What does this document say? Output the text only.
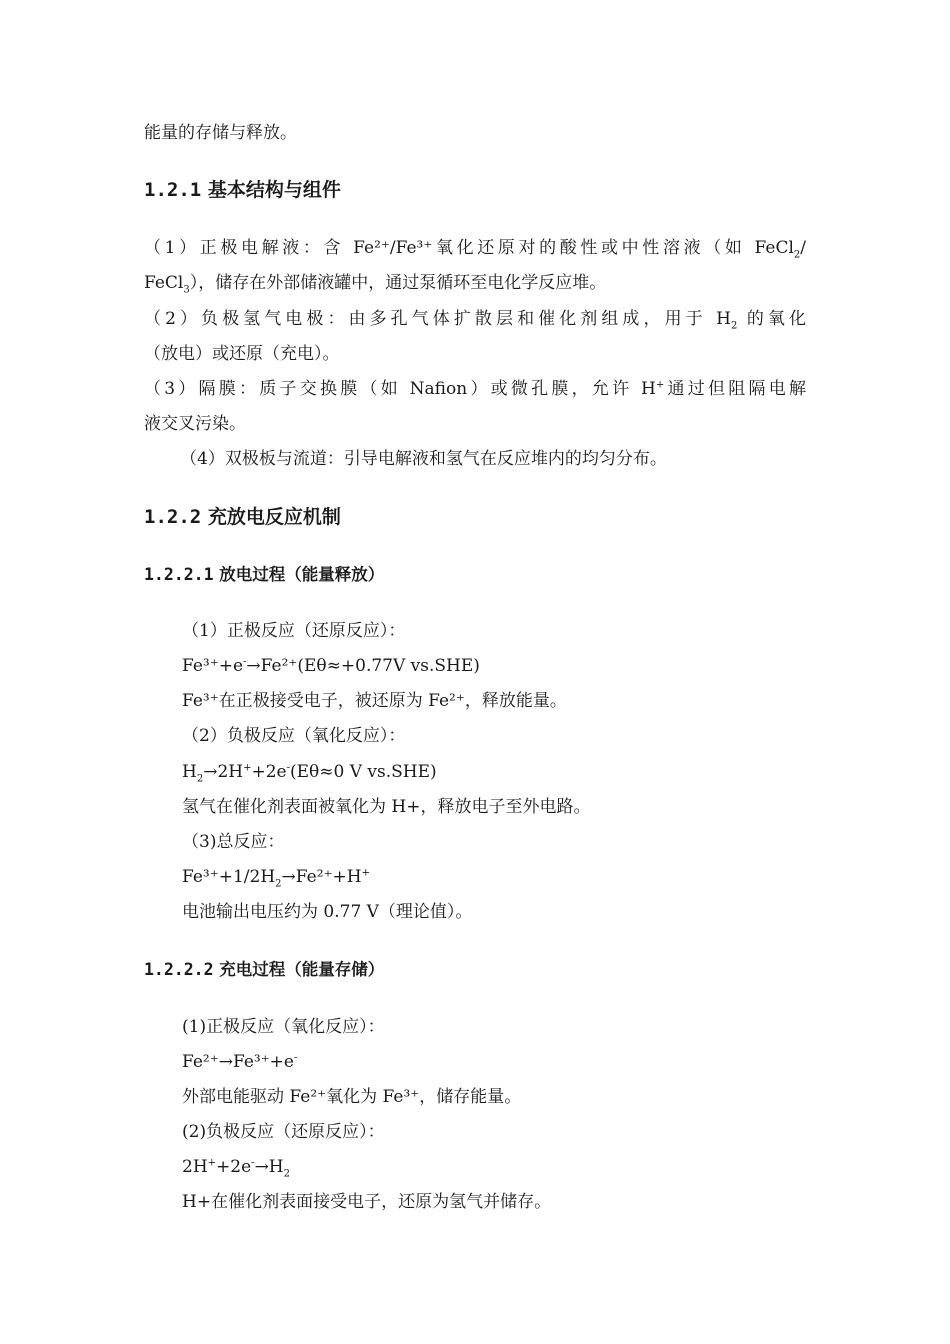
能量的存储与释放。
1.2.1 基本结构与组件
（1）正极电解液：含 Fe²⁺/Fe³⁺氧化还原对的酸性或中性溶液（如 FeCl$_2$/
FeCl$_3$），储存在外部储液罐中，通过泵循环至电化学反应堆。
（2）负极氢气电极：由多孔气体扩散层和催化剂组成，用于 $H_2$ 的氧化
（放电）或还原（充电）。
（3）隔膜：质子交换膜（如 Nafion）或微孔膜，允许 H+通过但阻隔电解
液交叉污染。
（4）双极板与流道：引导电解液和氢气在反应堆内的均匀分布。
1.2.2 充放电反应机制
1.2.2.1 放电过程（能量释放）
（1）正极反应（还原反应）：
Fe³⁺+e-→Fe²⁺(Eθ≈+0.77V vs.SHE)
Fe³⁺在正极接受电子，被还原为 Fe²⁺，释放能量。
（2）负极反应（氧化反应）：
$H_2\to 2H^++2e^-(E\theta\approx 0$ V vs.SHE)
氢气在催化剂表面被氧化为 H+，释放电子至外电路。
（3)总反应：
$Fe^{3+}+1/2H_2\to Fe^{2+}+H^+$
电池输出电压约为 0.77 V（理论值）。
1.2.2.2 充电过程（能量存储）
(1)正极反应（氧化反应）：
Fe²⁺→Fe³⁺+e-
外部电能驱动 Fe²⁺氧化为 Fe³⁺，储存能量。
(2)负极反应（还原反应）：
$2H^++2e^-\to H_2$
H+在催化剂表面接受电子，还原为氢气并储存。
